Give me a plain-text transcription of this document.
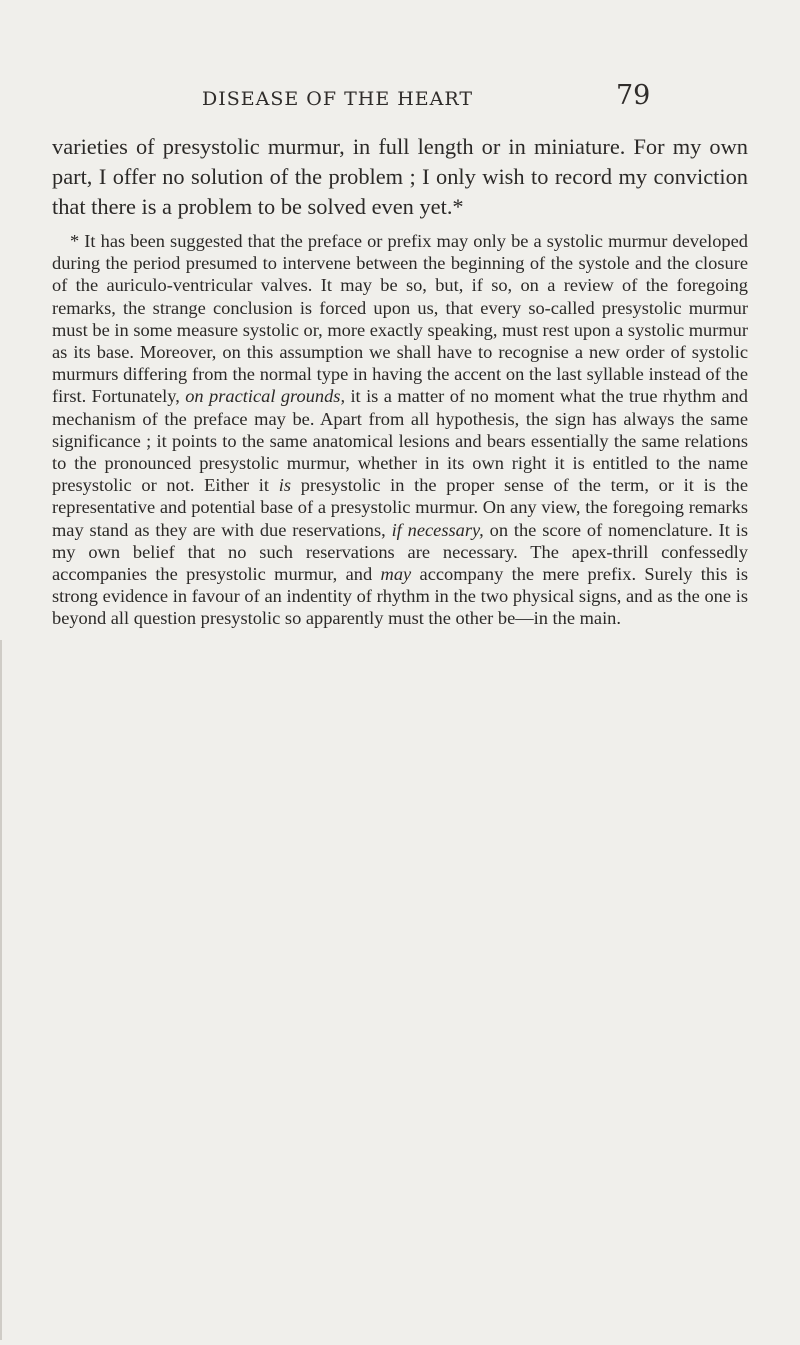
DISEASE OF THE HEART	79

varieties of presystolic murmur, in full length or in miniature. For my own part, I offer no solution of the problem ; I only wish to record my conviction that there is a problem to be solved even yet.*

* It has been suggested that the preface or prefix may only be a systolic murmur developed during the period presumed to intervene between the beginning of the systole and the closure of the auriculo-ventricular valves. It may be so, but, if so, on a review of the foregoing remarks, the strange conclusion is forced upon us, that every so-called presystolic murmur must be in some measure systolic or, more exactly speaking, must rest upon a systolic murmur as its base. Moreover, on this assumption we shall have to recognise a new order of systolic murmurs differing from the normal type in having the accent on the last syllable instead of the first. Fortunately, on practical grounds, it is a matter of no moment what the true rhythm and mechanism of the preface may be. Apart from all hypothesis, the sign has always the same significance ; it points to the same anatomical lesions and bears essentially the same relations to the pronounced presystolic murmur, whether in its own right it is entitled to the name presystolic or not. Either it is presystolic in the proper sense of the term, or it is the representative and potential base of a presystolic murmur. On any view, the foregoing remarks may stand as they are with due reservations, if necessary, on the score of nomenclature. It is my own belief that no such reservations are necessary. The apex-thrill confessedly accompanies the presystolic murmur, and may accompany the mere prefix. Surely this is strong evidence in favour of an indentity of rhythm in the two physical signs, and as the one is beyond all question presystolic so apparently must the other be—in the main.
